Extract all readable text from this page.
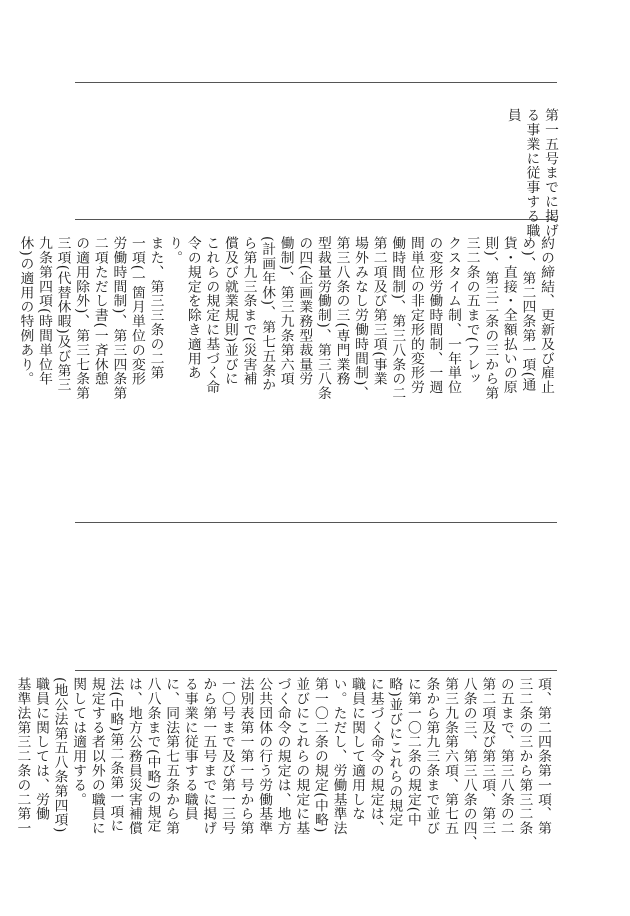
第一五号までに掲げ
る事業に従事する職
員
約の締結、更新及び雇止
め)、第二四条第一項(通
貨・直接・全額払いの原
則)、第三二条の三から第
三二条の五まで(フレッ
クスタイム制、一年単位
の変形労働時間制、一週
間単位の非定形的変形労
働時間制)、第三八条の二
第二項及び第三項(事業
場外みなし労働時間制)、
第三八条の三(専門業務
型裁量労働制)、第三八条
の四(企画業務型裁量労
働制)、第三九条第六項
(計画年休)、第七五条か
ら第九三条まで(災害補
償及び就業規則)並びに
これらの規定に基づく命
令の規定を除き適用あ
り。
また、第三三条の二第
一項(一箇月単位の変形
労働時間制)、第三四条第
二項ただし書(一斉休憩
の適用除外)、第三七条第
三項(代替休暇)及び第三
九条第四項(時間単位年
休)の適用の特例あり。
項、第二四条第一項、第
三二条の三から第三二条
の五まで、第三八条の二
第二項及び第三項、第三
八条の三、第三八条の四、
第三九条第六項、第七五
条から第九三条まで並び
に第一〇二条の規定(中
略)並びにこれらの規定
に基づく命令の規定は、
職員に関して適用しな
い。ただし、労働基準法
第一〇二条の規定(中略)
並びにこれらの規定に基
づく命令の規定は、地方
公共団体の行う労働基準
法別表第一第一号から第
一〇号まで及び第一三号
から第一五号までに掲げ
る事業に従事する職員
に、同法第七五条から第
八八条まで(中略)の規定
は、地方公務員災害補償
法(中略)第二条第一項に
規定する者以外の職員に
関しては適用する。
(地公法第五八条第四項)
職員に関しては、労働
基準法第三二条の二第一
